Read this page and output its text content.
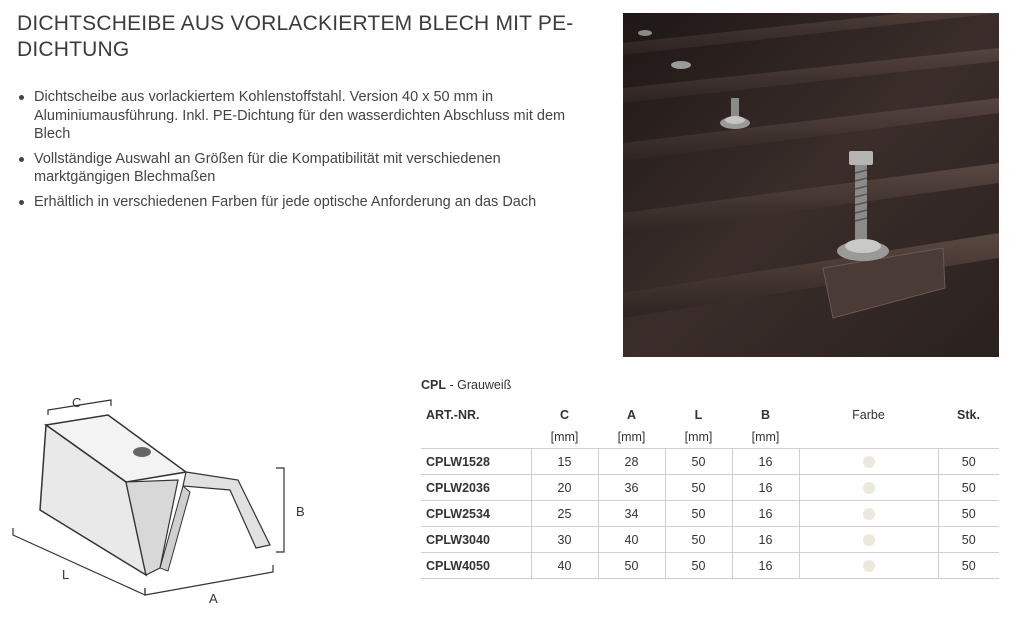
DICHTSCHEIBE AUS VORLACKIERTEM BLECH MIT PE-DICHTUNG
Dichtscheibe aus vorlackiertem Kohlenstoffstahl. Version 40 x 50 mm in Aluminiumausführung. Inkl. PE-Dichtung für den wasserdichten Abschluss mit dem Blech
Vollständige Auswahl an Größen für die Kompatibilität mit verschiedenen marktgängigen Blechmaßen
Erhältlich in verschiedenen Farben für jede optische Anforderung an das Dach
C
B
L
A
CPL - Grauweiß
ART.-NR.	C	A	L	B	Farbe	Stk.
	[mm]	[mm]	[mm]	[mm]		
CPLW1528	15	28	50	16		50
CPLW2036	20	36	50	16		50
CPLW2534	25	34	50	16		50
CPLW3040	30	40	50	16		50
CPLW4050	40	50	50	16		50
